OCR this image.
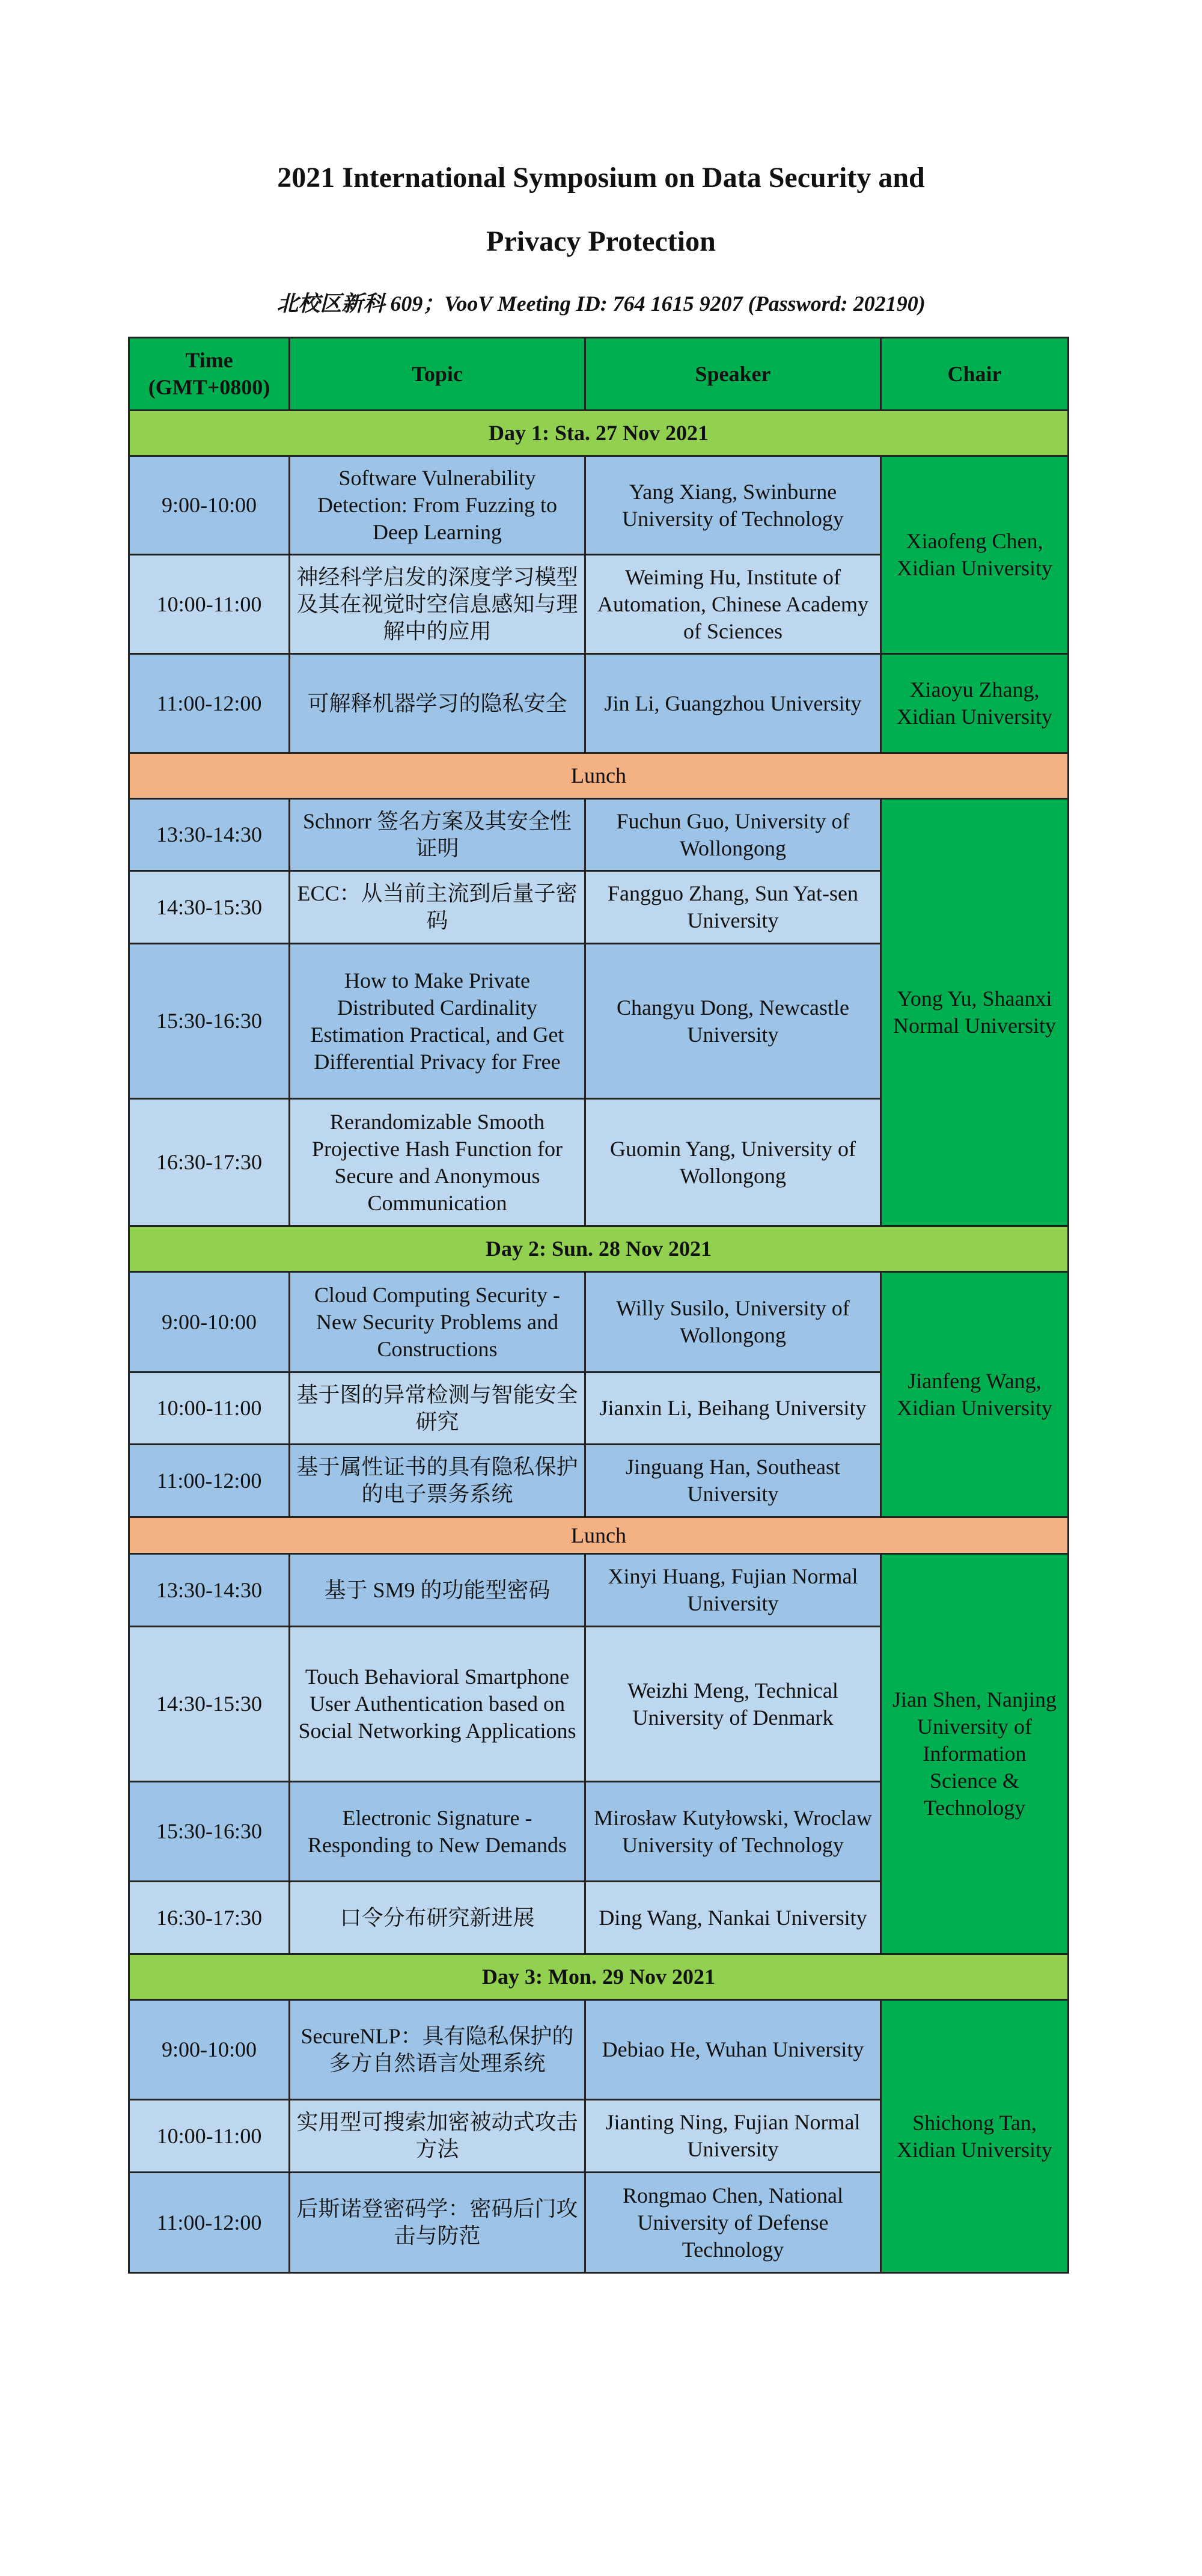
2021 International Symposium on Data Security and
Privacy Protection
北校区新科 609；VooV Meeting ID: 764 1615 9207 (Password: 202190)
Time (GMT+0800)	Topic	Speaker	Chair
Day 1: Sta. 27 Nov 2021			
9:00-10:00	Software Vulnerability Detection: From Fuzzing to Deep Learning	Yang Xiang, Swinburne University of Technology	Xiaofeng Chen, Xidian University
10:00-11:00	神经科学启发的深度学习模型及其在视觉时空信息感知与理解中的应用	Weiming Hu, Institute of Automation, Chinese Academy of Sciences	
11:00-12:00	可解释机器学习的隐私安全	Jin Li, Guangzhou University	Xiaoyu Zhang, Xidian University
Lunch			
13:30-14:30	Schnorr 签名方案及其安全性证明	Fuchun Guo, University of Wollongong	Yong Yu, Shaanxi Normal University
14:30-15:30	ECC：从当前主流到后量子密码	Fangguo Zhang, Sun Yat-sen University	
15:30-16:30	How to Make Private Distributed Cardinality Estimation Practical, and Get Differential Privacy for Free	Changyu Dong, Newcastle University	
16:30-17:30	Rerandomizable Smooth Projective Hash Function for Secure and Anonymous Communication	Guomin Yang, University of Wollongong	
Day 2: Sun. 28 Nov 2021			
9:00-10:00	Cloud Computing Security - New Security Problems and Constructions	Willy Susilo, University of Wollongong	Jianfeng Wang, Xidian University
10:00-11:00	基于图的异常检测与智能安全研究	Jianxin Li, Beihang University	
11:00-12:00	基于属性证书的具有隐私保护的电子票务系统	Jinguang Han, Southeast University	
Lunch			
13:30-14:30	基于 SM9 的功能型密码	Xinyi Huang, Fujian Normal University	Jian Shen, Nanjing University of Information Science & Technology
14:30-15:30	Touch Behavioral Smartphone User Authentication based on Social Networking Applications	Weizhi Meng, Technical University of Denmark	
15:30-16:30	Electronic Signature - Responding to New Demands	Mirosław Kutyłowski, Wroclaw University of Technology	
16:30-17:30	口令分布研究新进展	Ding Wang, Nankai University	
Day 3: Mon. 29 Nov 2021			
9:00-10:00	SecureNLP：具有隐私保护的多方自然语言处理系统	Debiao He, Wuhan University	Shichong Tan, Xidian University
10:00-11:00	实用型可搜索加密被动式攻击方法	Jianting Ning, Fujian Normal University	
11:00-12:00	后斯诺登密码学：密码后门攻击与防范	Rongmao Chen, National University of Defense Technology	
